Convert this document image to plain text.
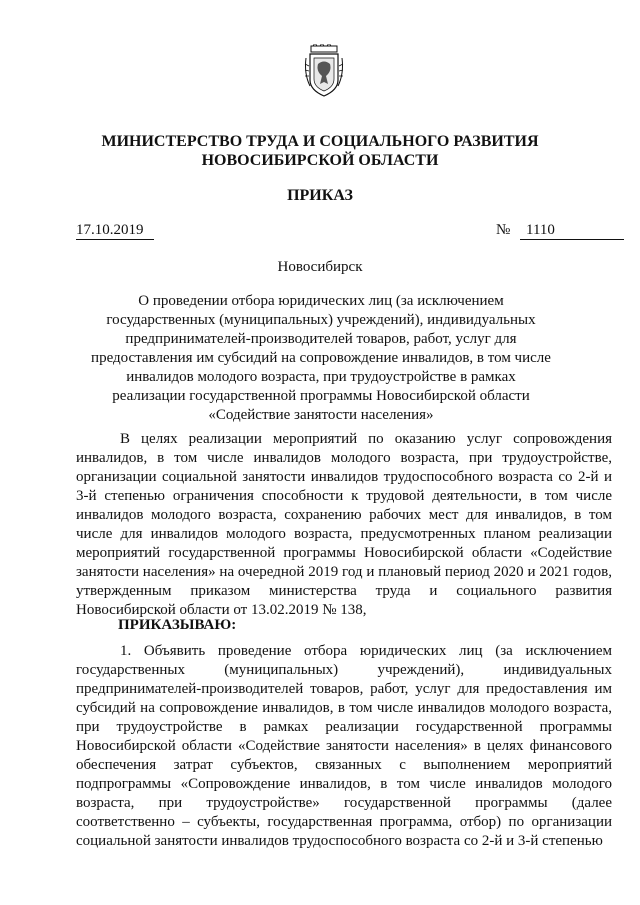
МИНИСТЕРСТВО ТРУДА И СОЦИАЛЬНОГО РАЗВИТИЯ
НОВОСИБИРСКОЙ ОБЛАСТИ
ПРИКАЗ
17.10.2019	№	1110
Новосибирск
О проведении отбора юридических лиц (за исключением государственных (муниципальных) учреждений), индивидуальных предпринимателей-производителей товаров, работ, услуг для предоставления им субсидий на сопровождение инвалидов, в том числе инвалидов молодого возраста, при трудоустройстве в рамках реализации государственной программы Новосибирской области «Содействие занятости населения»
В целях реализации мероприятий по оказанию услуг сопровождения инвалидов, в том числе инвалидов молодого возраста, при трудоустройстве, организации социальной занятости инвалидов трудоспособного возраста со 2-й и 3-й степенью ограничения способности к трудовой деятельности, в том числе инвалидов молодого возраста, сохранению рабочих мест для инвалидов, в том числе для инвалидов молодого возраста, предусмотренных планом реализации мероприятий государственной программы Новосибирской области «Содействие занятости населения» на очередной 2019 год и плановый период 2020 и 2021 годов, утвержденным приказом министерства труда и социального развития Новосибирской области от 13.02.2019 № 138,
ПРИКАЗЫВАЮ:
1. Объявить проведение отбора юридических лиц (за исключением государственных (муниципальных) учреждений), индивидуальных предпринимателей-производителей товаров, работ, услуг для предоставления им субсидий на сопровождение инвалидов, в том числе инвалидов молодого возраста, при трудоустройстве в рамках реализации государственной программы Новосибирской области «Содействие занятости населения» в целях финансового обеспечения затрат субъектов, связанных с выполнением мероприятий подпрограммы «Сопровождение инвалидов, в том числе инвалидов молодого возраста, при трудоустройстве» государственной программы (далее соответственно – субъекты, государственная программа, отбор) по организации социальной занятости инвалидов трудоспособного возраста со 2-й и 3-й степенью
